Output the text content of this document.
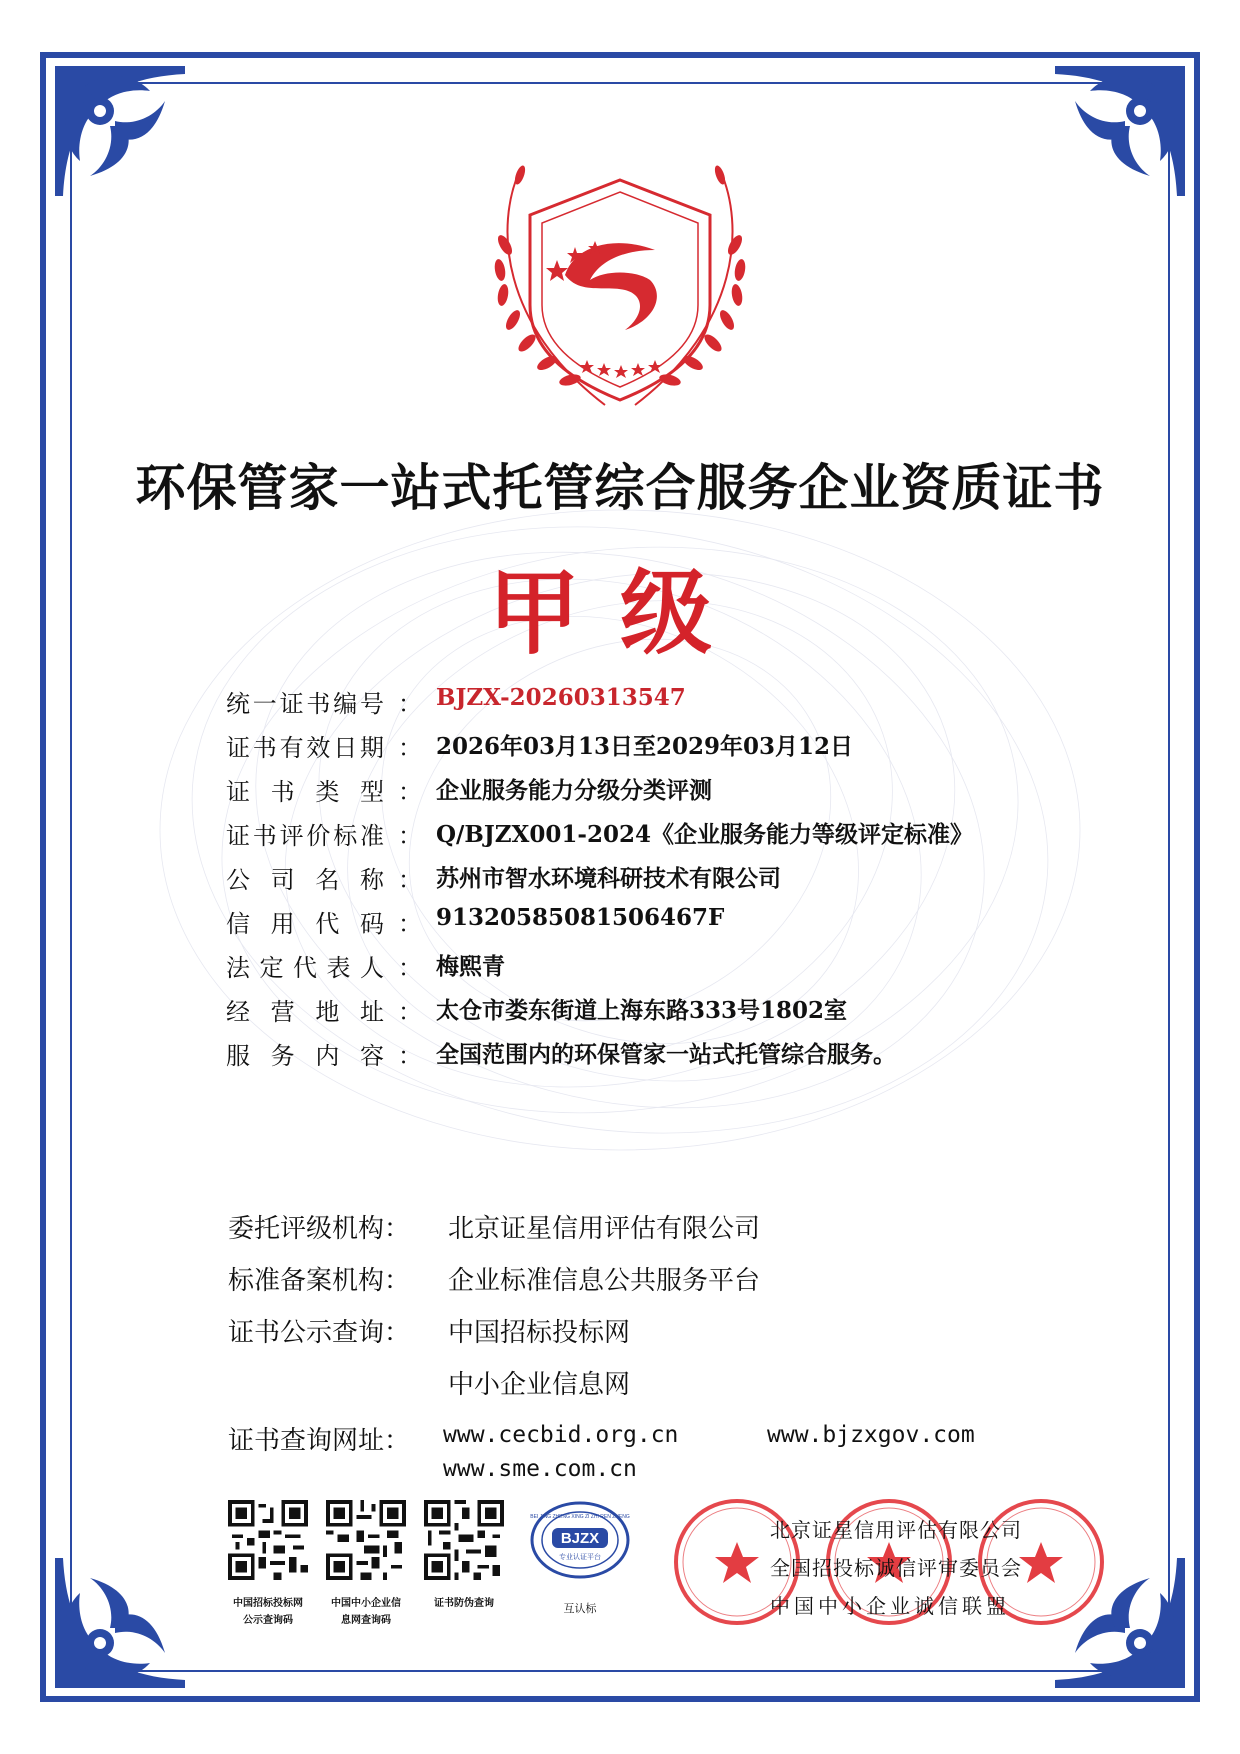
环保管家一站式托管综合服务企业资质证书
甲级
统一证书编号 ： BJZX-20260313547
证书有效日期 ： 2026年03月13日至2029年03月12日
证书类型 ： 企业服务能力分级分类评测
证书评价标准 ： Q/BJZX001-2024《企业服务能力等级评定标准》
公司名称 ： 苏州市智水环境科研技术有限公司
信用代码 ： 91320585081506467F
法定代表人 ： 梅熙青
经营地址 ： 太仓市娄东街道上海东路333号1802室
服务内容 ： 全国范围内的环保管家一站式托管综合服务。
委托评级机构： 北京证星信用评估有限公司
标准备案机构： 企业标准信息公共服务平台
证书公示查询： 中国招标投标网
中小企业信息网
证书查询网址：	www.cecbid.org.cn	www.bjzxgov.com
www.sme.com.cn
中国招标投标网
公示查询码
中国中小企业信
息网查询码
证书防伪查询
BJZX
专业认证平台
BEI JING ZHENG XING ZI ZHI REN ZHENG
互认标
北京证星信用评估有限公司
全国招投标诚信评审委员会
中国中小企业诚信联盟
